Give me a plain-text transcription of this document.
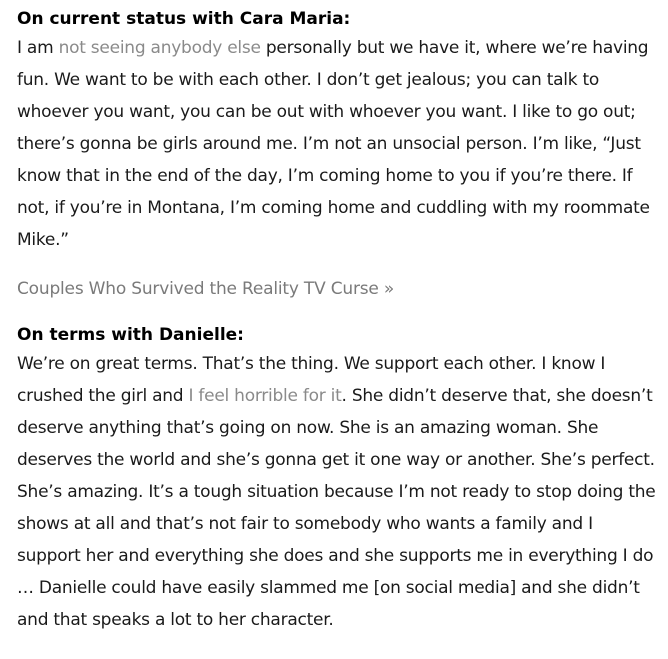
On current status with Cara Maria:

I am not seeing anybody else personally but we have it, where we’re having fun. We want to be with each other. I don’t get jealous; you can talk to whoever you want, you can be out with whoever you want. I like to go out; there’s gonna be girls around me. I’m not an unsocial person. I’m like, “Just know that in the end of the day, I’m coming home to you if you’re there. If not, if you’re in Montana, I’m coming home and cuddling with my roommate Mike.”

Couples Who Survived the Reality TV Curse »

On terms with Danielle:

We’re on great terms. That’s the thing. We support each other. I know I crushed the girl and I feel horrible for it. She didn’t deserve that, she doesn’t deserve anything that’s going on now. She is an amazing woman. She deserves the world and she’s gonna get it one way or another. She’s perfect. She’s amazing. It’s a tough situation because I’m not ready to stop doing the shows at all and that’s not fair to somebody who wants a family and I support her and everything she does and she supports me in everything I do … Danielle could have easily slammed me [on social media] and she didn’t and that speaks a lot to her character.
